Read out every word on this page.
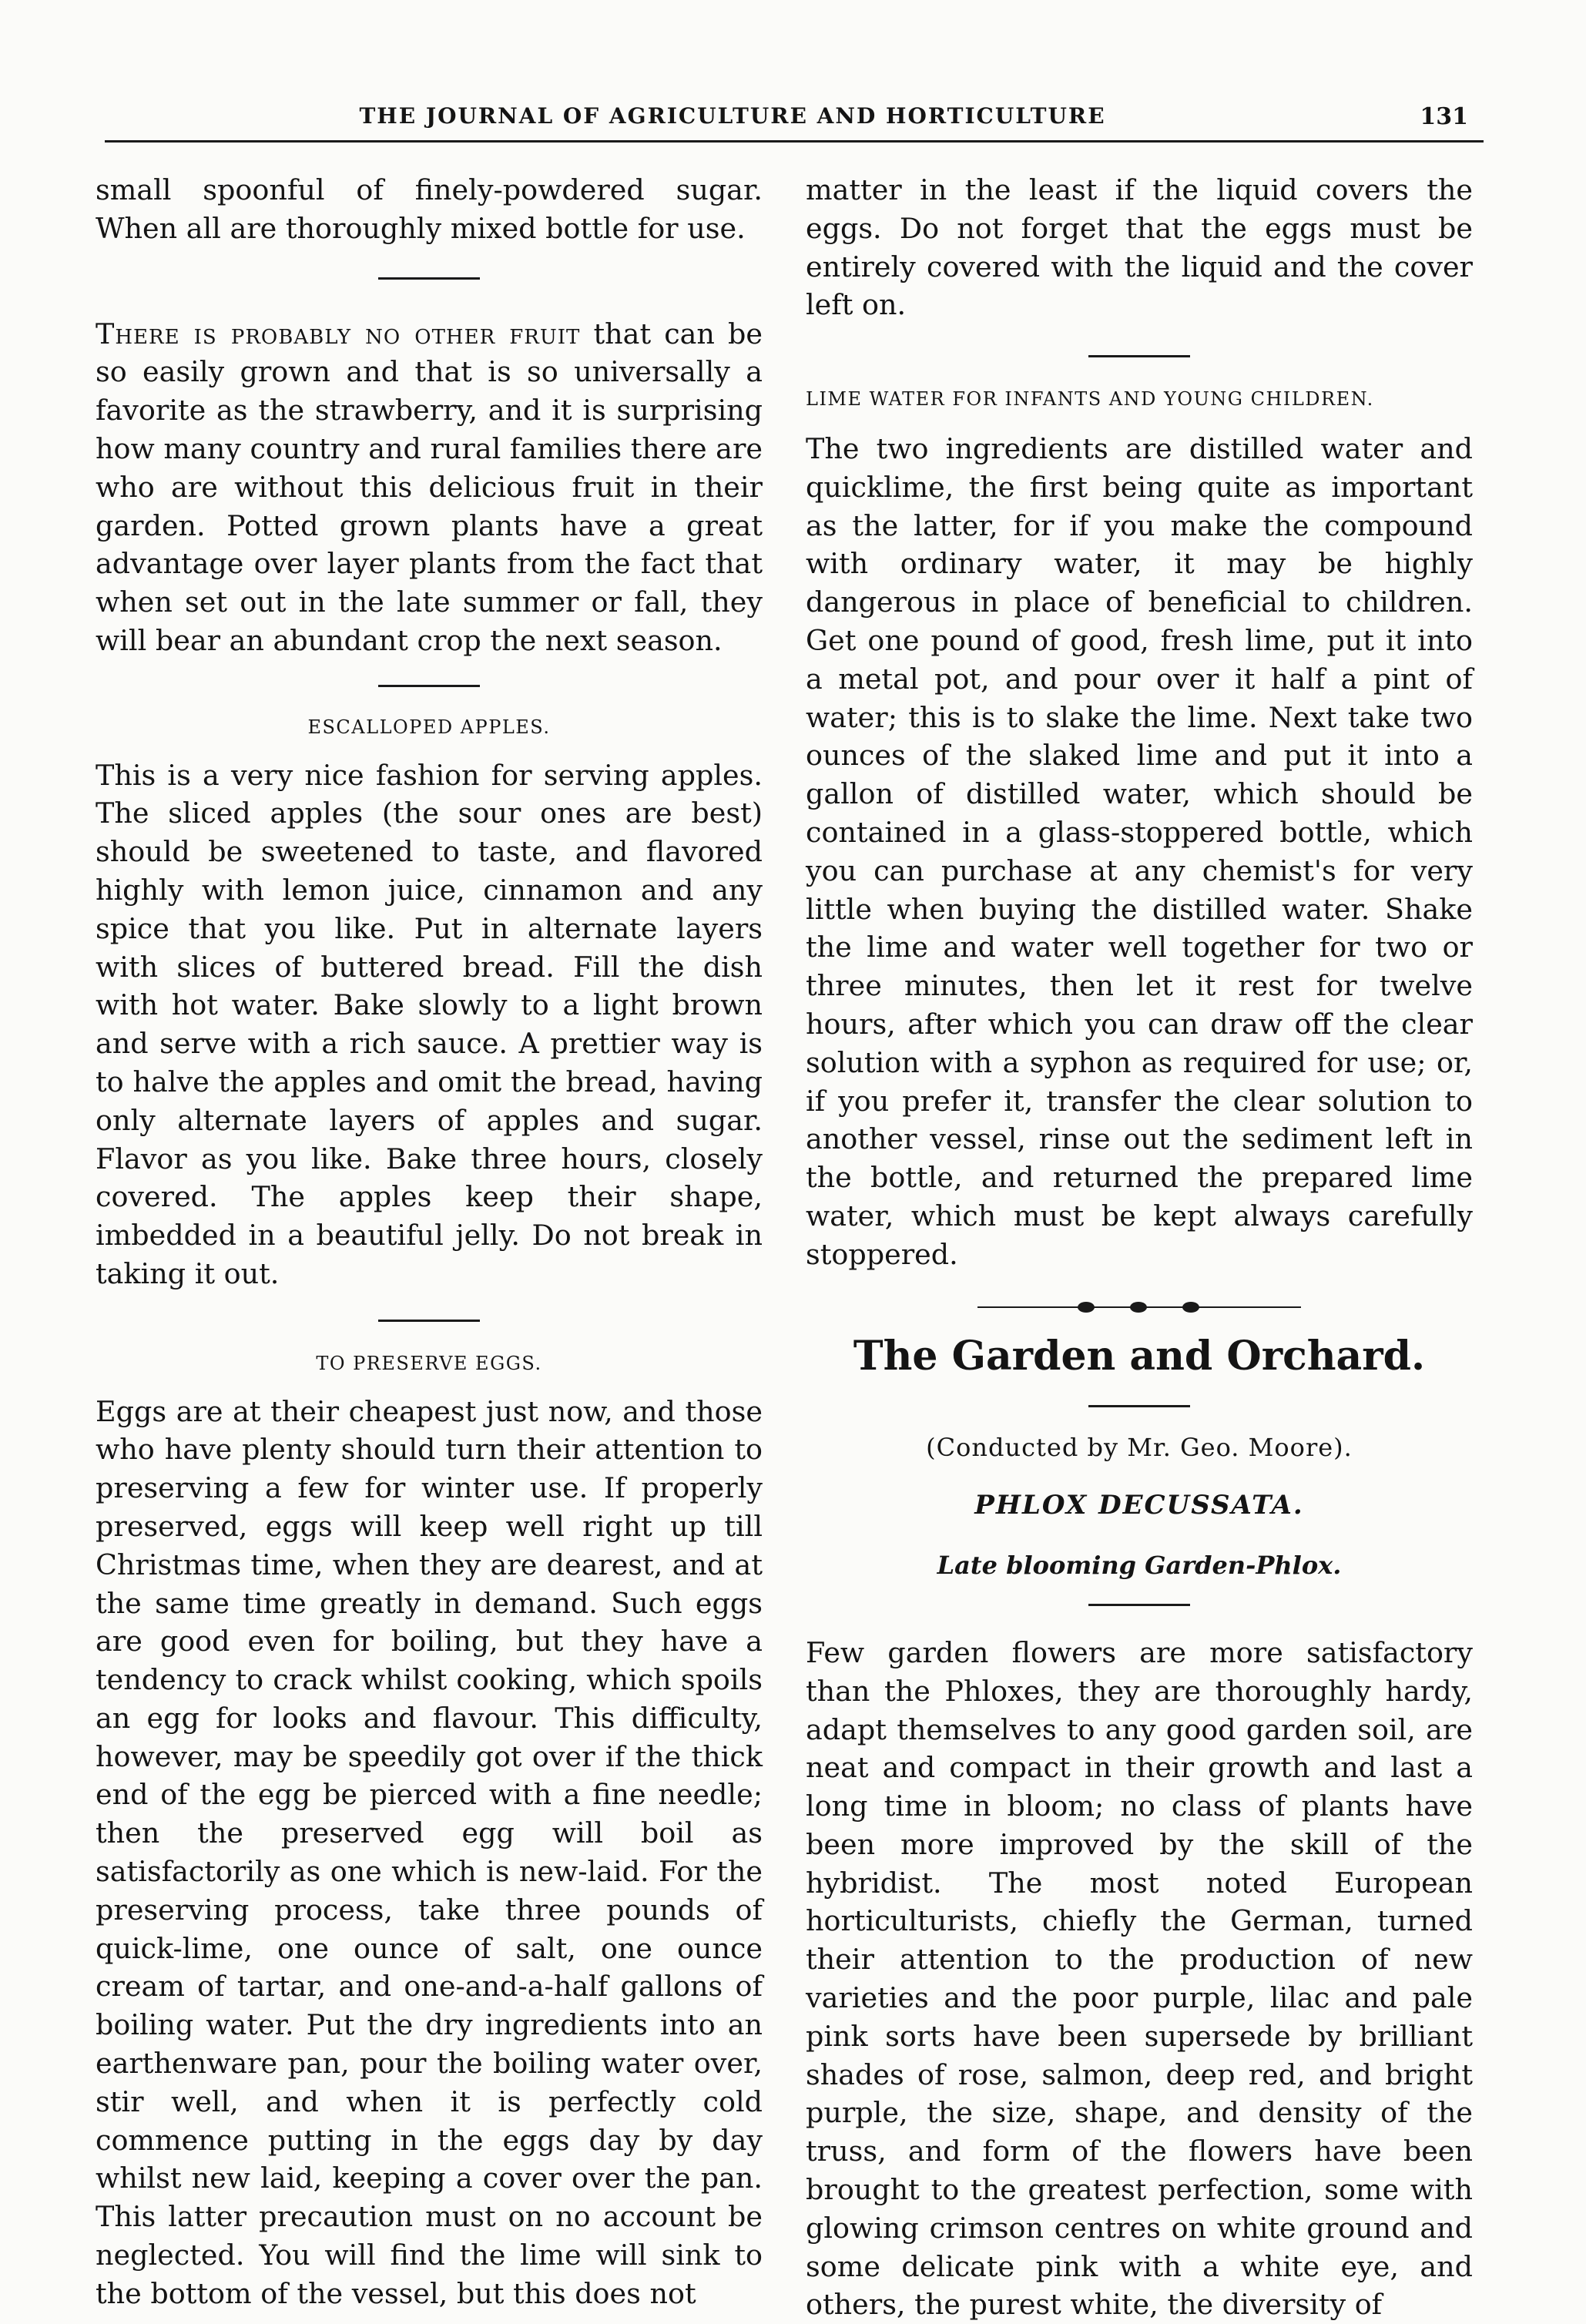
THE JOURNAL OF AGRICULTURE AND HORTICULTURE	131

small spoonful of finely-powdered sugar. When all are thoroughly mixed bottle for use.

There is probably no other fruit that can be so easily grown and that is so universally a favorite as the strawberry, and it is surprising how many country and rural families there are who are without this delicious fruit in their garden. Potted grown plants have a great advantage over layer plants from the fact that when set out in the late summer or fall, they will bear an abundant crop the next season.

ESCALLOPED APPLES.

This is a very nice fashion for serving apples. The sliced apples (the sour ones are best) should be sweetened to taste, and flavored highly with lemon juice, cinnamon and any spice that you like. Put in alternate layers with slices of buttered bread. Fill the dish with hot water. Bake slowly to a light brown and serve with a rich sauce. A prettier way is to halve the apples and omit the bread, having only alternate layers of apples and sugar. Flavor as you like. Bake three hours, closely covered. The apples keep their shape, imbedded in a beautiful jelly. Do not break in taking it out.

TO PRESERVE EGGS.

Eggs are at their cheapest just now, and those who have plenty should turn their attention to preserving a few for winter use. If properly preserved, eggs will keep well right up till Christmas time, when they are dearest, and at the same time greatly in demand. Such eggs are good even for boiling, but they have a tendency to crack whilst cooking, which spoils an egg for looks and flavour. This difficulty, however, may be speedily got over if the thick end of the egg be pierced with a fine needle; then the preserved egg will boil as satisfactorily as one which is new-laid. For the preserving process, take three pounds of quick-lime, one ounce of salt, one ounce cream of tartar, and one-and-a-half gallons of boiling water. Put the dry ingredients into an earthenware pan, pour the boiling water over, stir well, and when it is perfectly cold commence putting in the eggs day by day whilst new laid, keeping a cover over the pan. This latter precaution must on no account be neglected. You will find the lime will sink to the bottom of the vessel, but this does not

matter in the least if the liquid covers the eggs. Do not forget that the eggs must be entirely covered with the liquid and the cover left on.

LIME WATER FOR INFANTS AND YOUNG CHILDREN.

The two ingredients are distilled water and quicklime, the first being quite as important as the latter, for if you make the compound with ordinary water, it may be highly dangerous in place of beneficial to children. Get one pound of good, fresh lime, put it into a metal pot, and pour over it half a pint of water; this is to slake the lime. Next take two ounces of the slaked lime and put it into a gallon of distilled water, which should be contained in a glass-stoppered bottle, which you can purchase at any chemist's for very little when buying the distilled water. Shake the lime and water well together for two or three minutes, then let it rest for twelve hours, after which you can draw off the clear solution with a syphon as required for use; or, if you prefer it, transfer the clear solution to another vessel, rinse out the sediment left in the bottle, and returned the prepared lime water, which must be kept always carefully stoppered.

The Garden and Orchard.

(Conducted by Mr. Geo. Moore).

PHLOX DECUSSATA.

Late blooming Garden-Phlox.

Few garden flowers are more satisfactory than the Phloxes, they are thoroughly hardy, adapt themselves to any good garden soil, are neat and compact in their growth and last a long time in bloom; no class of plants have been more improved by the skill of the hybridist. The most noted European horticulturists, chiefly the German, turned their attention to the production of new varieties and the poor purple, lilac and pale pink sorts have been supersede by brilliant shades of rose, salmon, deep red, and bright purple, the size, shape, and density of the truss, and form of the flowers have been brought to the greatest perfection, some with glowing crimson centres on white ground and some delicate pink with a white eye, and others, the purest white, the diversity of
